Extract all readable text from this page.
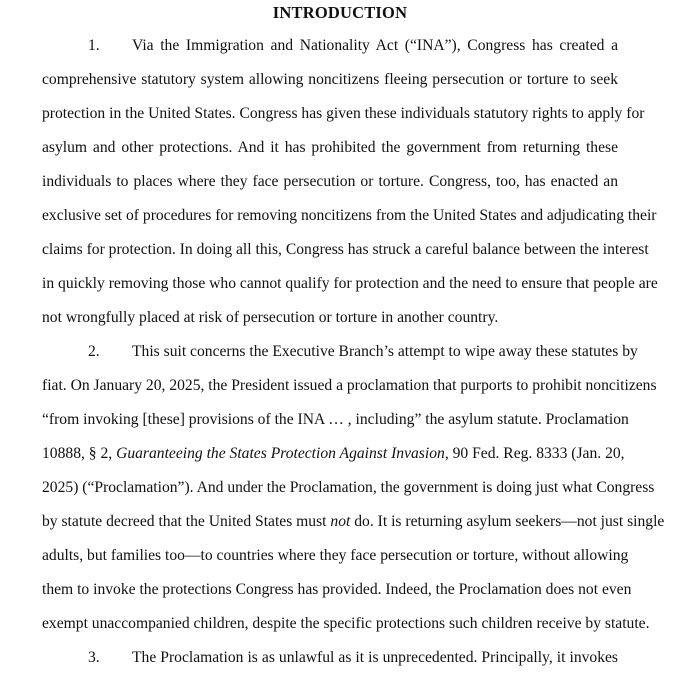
INTRODUCTION
1. Via the Immigration and Nationality Act (“INA”), Congress has created a
comprehensive statutory system allowing noncitizens fleeing persecution or torture to seek
protection in the United States. Congress has given these individuals statutory rights to apply for
asylum and other protections. And it has prohibited the government from returning these
individuals to places where they face persecution or torture. Congress, too, has enacted an
exclusive set of procedures for removing noncitizens from the United States and adjudicating their
claims for protection. In doing all this, Congress has struck a careful balance between the interest
in quickly removing those who cannot qualify for protection and the need to ensure that people are
not wrongfully placed at risk of persecution or torture in another country.
2. This suit concerns the Executive Branch’s attempt to wipe away these statutes by
fiat. On January 20, 2025, the President issued a proclamation that purports to prohibit noncitizens
“from invoking [these] provisions of the INA … , including” the asylum statute. Proclamation
10888, § 2, Guaranteeing the States Protection Against Invasion, 90 Fed. Reg. 8333 (Jan. 20,
2025) (“Proclamation”). And under the Proclamation, the government is doing just what Congress
by statute decreed that the United States must not do. It is returning asylum seekers—not just single
adults, but families too—to countries where they face persecution or torture, without allowing
them to invoke the protections Congress has provided. Indeed, the Proclamation does not even
exempt unaccompanied children, despite the specific protections such children receive by statute.
3. The Proclamation is as unlawful as it is unprecedented. Principally, it invokes
